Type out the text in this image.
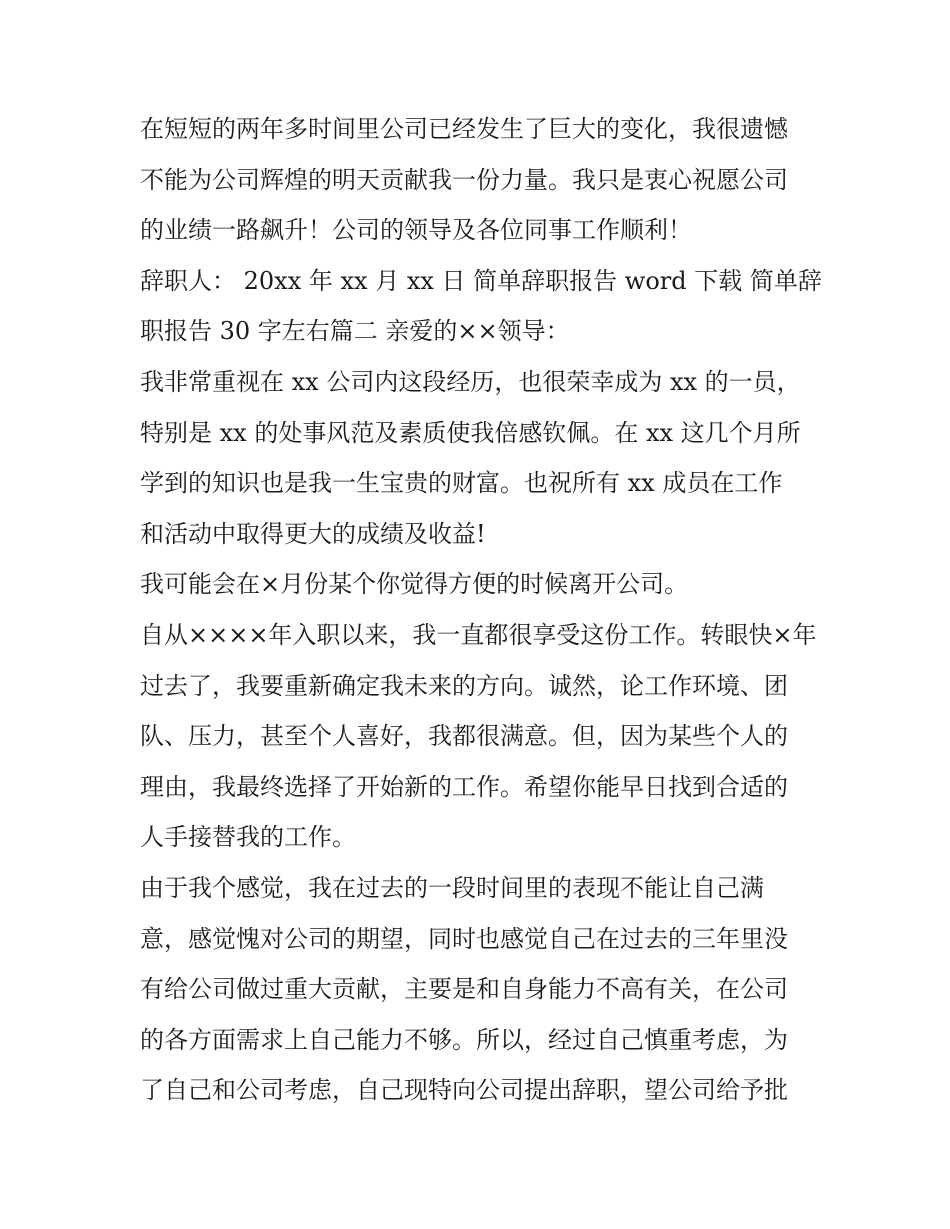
在短短的两年多时间里公司已经发生了巨大的变化，我很遗憾
不能为公司辉煌的明天贡献我一份力量。我只是衷心祝愿公司
的业绩一路飙升！公司的领导及各位同事工作顺利！
辞职人： 20xx 年 xx 月 xx 日 简单辞职报告 word 下载 简单辞
职报告 30 字左右篇二 亲爱的××领导：
我非常重视在 xx 公司内这段经历，也很荣幸成为 xx 的一员，
特别是 xx 的处事风范及素质使我倍感钦佩。在 xx 这几个月所
学到的知识也是我一生宝贵的财富。也祝所有 xx 成员在工作
和活动中取得更大的成绩及收益!
我可能会在×月份某个你觉得方便的时候离开公司。
自从××××年入职以来，我一直都很享受这份工作。转眼快×年
过去了，我要重新确定我未来的方向。诚然，论工作环境、团
队、压力，甚至个人喜好，我都很满意。但，因为某些个人的
理由，我最终选择了开始新的工作。希望你能早日找到合适的
人手接替我的工作。
由于我个感觉，我在过去的一段时间里的表现不能让自己满
意，感觉愧对公司的期望，同时也感觉自己在过去的三年里没
有给公司做过重大贡献，主要是和自身能力不高有关，在公司
的各方面需求上自己能力不够。所以，经过自己慎重考虑，为
了自己和公司考虑，自己现特向公司提出辞职，望公司给予批
